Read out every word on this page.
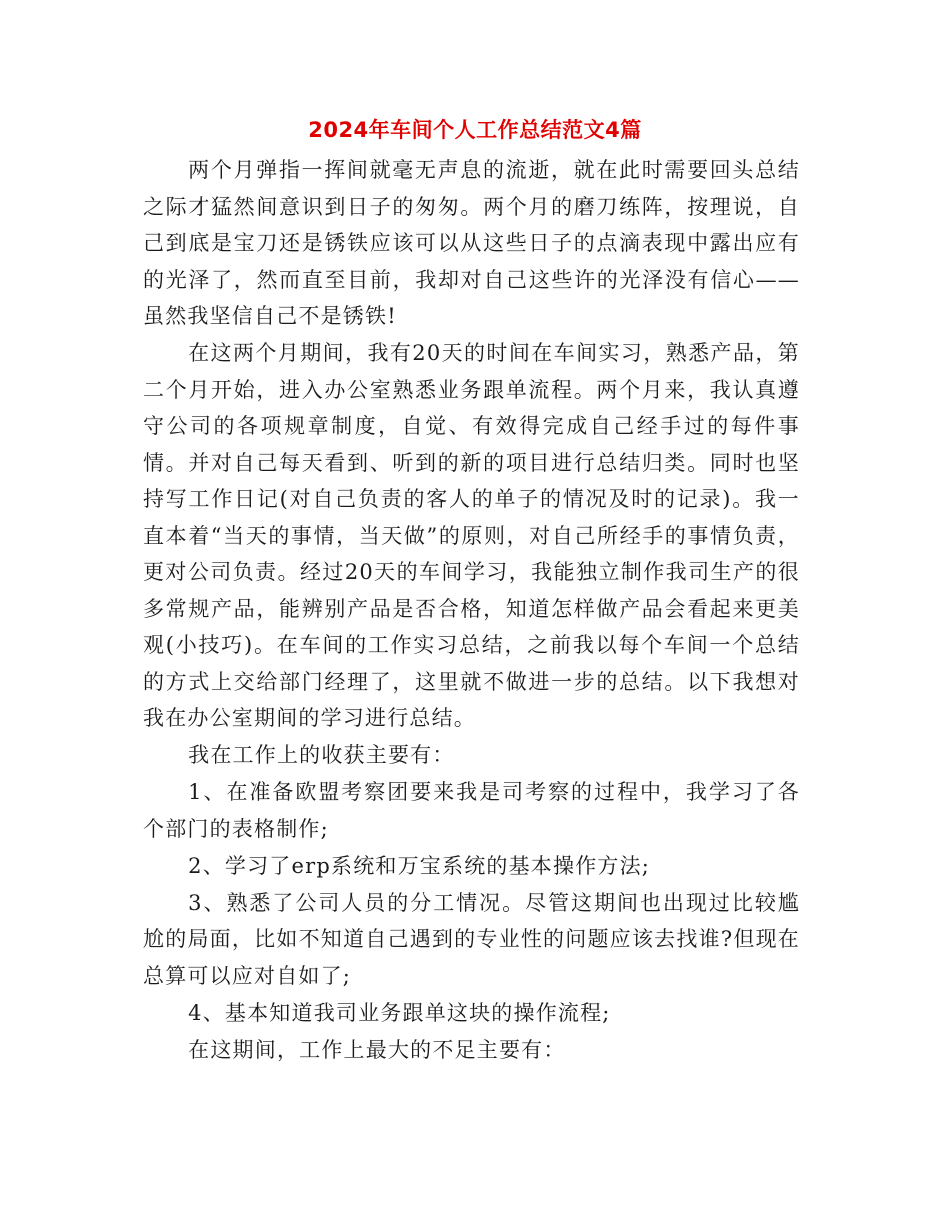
2024年车间个人工作总结范文4篇

两个月弹指一挥间就毫无声息的流逝，就在此时需要回头总结之际才猛然间意识到日子的匆匆。两个月的磨刀练阵，按理说，自己到底是宝刀还是锈铁应该可以从这些日子的点滴表现中露出应有的光泽了，然而直至目前，我却对自己这些许的光泽没有信心——虽然我坚信自己不是锈铁!

在这两个月期间，我有20天的时间在车间实习，熟悉产品，第二个月开始，进入办公室熟悉业务跟单流程。两个月来，我认真遵守公司的各项规章制度，自觉、有效得完成自己经手过的每件事情。并对自己每天看到、听到的新的项目进行总结归类。同时也坚持写工作日记(对自己负责的客人的单子的情况及时的记录)。我一直本着“当天的事情，当天做”的原则，对自己所经手的事情负责，更对公司负责。经过20天的车间学习，我能独立制作我司生产的很多常规产品，能辨别产品是否合格，知道怎样做产品会看起来更美观(小技巧)。在车间的工作实习总结，之前我以每个车间一个总结的方式上交给部门经理了，这里就不做进一步的总结。以下我想对我在办公室期间的学习进行总结。

我在工作上的收获主要有：

1、在准备欧盟考察团要来我是司考察的过程中，我学习了各个部门的表格制作;

2、学习了erp系统和万宝系统的基本操作方法;

3、熟悉了公司人员的分工情况。尽管这期间也出现过比较尴尬的局面，比如不知道自己遇到的专业性的问题应该去找谁?但现在总算可以应对自如了;

4、基本知道我司业务跟单这块的操作流程;

在这期间，工作上最大的不足主要有：
